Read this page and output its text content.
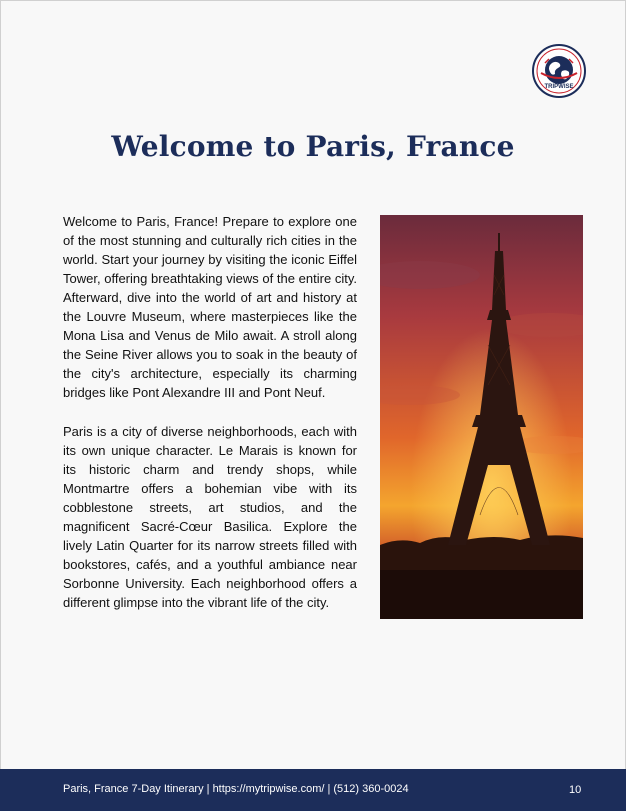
TRIPWISE
Welcome to Paris, France

Welcome to Paris, France! Prepare to explore one of the most stunning and culturally rich cities in the world. Start your journey by visiting the iconic Eiffel Tower, offering breathtaking views of the entire city. Afterward, dive into the world of art and history at the Louvre Museum, where masterpieces like the Mona Lisa and Venus de Milo await. A stroll along the Seine River allows you to soak in the beauty of the city's architecture, especially its charming bridges like Pont Alexandre III and Pont Neuf.

Paris is a city of diverse neighborhoods, each with its own unique character. Le Marais is known for its historic charm and trendy shops, while Montmartre offers a bohemian vibe with its cobblestone streets, art studios, and the magnificent Sacré-Cœur Basilica. Explore the lively Latin Quarter for its narrow streets filled with bookstores, cafés, and a youthful ambiance near Sorbonne University. Each neighborhood offers a different glimpse into the vibrant life of the city.

Paris, France 7-Day Itinerary | https://mytripwise.com/ | (512) 360-0024	10
